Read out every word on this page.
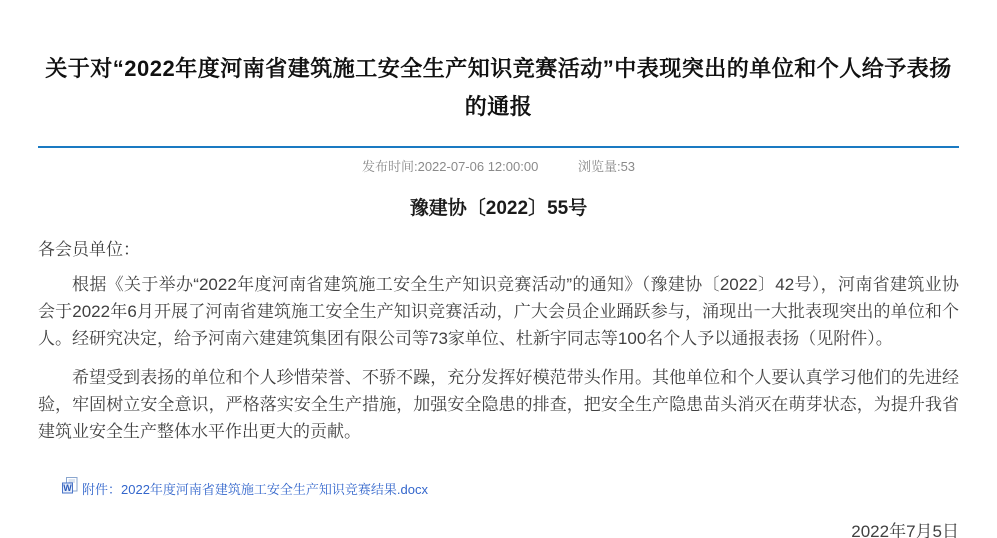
关于对“2022年度河南省建筑施工安全生产知识竞赛活动”中表现突出的单位和个人给予表扬的通报
发布时间:2022-07-06 12:00:00	浏览量:53
豫建协〔2022〕55号
各会员单位：

根据《关于举办“2022年度河南省建筑施工安全生产知识竞赛活动”的通知》（豫建协〔2022〕42号），河南省建筑业协会于2022年6月开展了河南省建筑施工安全生产知识竞赛活动，广大会员企业踊跃参与，涌现出一大批表现突出的单位和个人。经研究决定，给予河南六建建筑集团有限公司等73家单位、杜新宇同志等100名个人予以通报表扬（见附件）。

希望受到表扬的单位和个人珍惜荣誉、不骄不躁，充分发挥好模范带头作用。其他单位和个人要认真学习他们的先进经验，牢固树立安全意识，严格落实安全生产措施，加强安全隐患的排查，把安全生产隐患苗头消灭在萌芽状态，为提升我省建筑业安全生产整体水平作出更大的贡献。

W 附件：2022年度河南省建筑施工安全生产知识竞赛结果.docx
2022年7月5日
